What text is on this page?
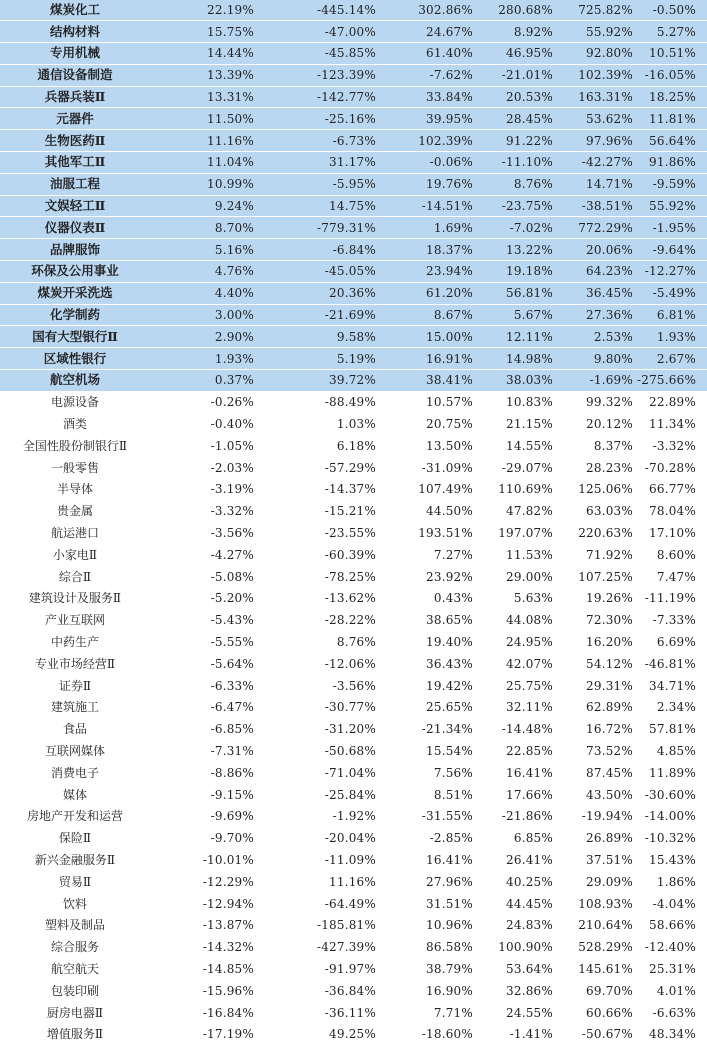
煤炭化工	22.19%	-445.14%	302.86%	280.68%	725.82%	-0.50%
结构材料	15.75%	-47.00%	24.67%	8.92%	55.92%	5.27%
专用机械	14.44%	-45.85%	61.40%	46.95%	92.80%	10.51%
通信设备制造	13.39%	-123.39%	-7.62%	-21.01%	102.39%	-16.05%
兵器兵装Ⅱ	13.31%	-142.77%	33.84%	20.53%	163.31%	18.25%
元器件	11.50%	-25.16%	39.95%	28.45%	53.62%	11.81%
生物医药Ⅱ	11.16%	-6.73%	102.39%	91.22%	97.96%	56.64%
其他军工Ⅱ	11.04%	31.17%	-0.06%	-11.10%	-42.27%	91.86%
油服工程	10.99%	-5.95%	19.76%	8.76%	14.71%	-9.59%
文娱轻工Ⅱ	9.24%	14.75%	-14.51%	-23.75%	-38.51%	55.92%
仪器仪表Ⅱ	8.70%	-779.31%	1.69%	-7.02%	772.29%	-1.95%
品牌服饰	5.16%	-6.84%	18.37%	13.22%	20.06%	-9.64%
环保及公用事业	4.76%	-45.05%	23.94%	19.18%	64.23%	-12.27%
煤炭开采洗选	4.40%	20.36%	61.20%	56.81%	36.45%	-5.49%
化学制药	3.00%	-21.69%	8.67%	5.67%	27.36%	6.81%
国有大型银行Ⅱ	2.90%	9.58%	15.00%	12.11%	2.53%	1.93%
区域性银行	1.93%	5.19%	16.91%	14.98%	9.80%	2.67%
航空机场	0.37%	39.72%	38.41%	38.03%	-1.69%	-275.66%
电源设备	-0.26%	-88.49%	10.57%	10.83%	99.32%	22.89%
酒类	-0.40%	1.03%	20.75%	21.15%	20.12%	11.34%
全国性股份制银行Ⅱ	-1.05%	6.18%	13.50%	14.55%	8.37%	-3.32%
一般零售	-2.03%	-57.29%	-31.09%	-29.07%	28.23%	-70.28%
半导体	-3.19%	-14.37%	107.49%	110.69%	125.06%	66.77%
贵金属	-3.32%	-15.21%	44.50%	47.82%	63.03%	78.04%
航运港口	-3.56%	-23.55%	193.51%	197.07%	220.63%	17.10%
小家电Ⅱ	-4.27%	-60.39%	7.27%	11.53%	71.92%	8.60%
综合Ⅱ	-5.08%	-78.25%	23.92%	29.00%	107.25%	7.47%
建筑设计及服务Ⅱ	-5.20%	-13.62%	0.43%	5.63%	19.26%	-11.19%
产业互联网	-5.43%	-28.22%	38.65%	44.08%	72.30%	-7.33%
中药生产	-5.55%	8.76%	19.40%	24.95%	16.20%	6.69%
专业市场经营Ⅱ	-5.64%	-12.06%	36.43%	42.07%	54.12%	-46.81%
证券Ⅱ	-6.33%	-3.56%	19.42%	25.75%	29.31%	34.71%
建筑施工	-6.47%	-30.77%	25.65%	32.11%	62.89%	2.34%
食品	-6.85%	-31.20%	-21.34%	-14.48%	16.72%	57.81%
互联网媒体	-7.31%	-50.68%	15.54%	22.85%	73.52%	4.85%
消费电子	-8.86%	-71.04%	7.56%	16.41%	87.45%	11.89%
媒体	-9.15%	-25.84%	8.51%	17.66%	43.50%	-30.60%
房地产开发和运营	-9.69%	-1.92%	-31.55%	-21.86%	-19.94%	-14.00%
保险Ⅱ	-9.70%	-20.04%	-2.85%	6.85%	26.89%	-10.32%
新兴金融服务Ⅱ	-10.01%	-11.09%	16.41%	26.41%	37.51%	15.43%
贸易Ⅱ	-12.29%	11.16%	27.96%	40.25%	29.09%	1.86%
饮料	-12.94%	-64.49%	31.51%	44.45%	108.93%	-4.04%
塑料及制品	-13.87%	-185.81%	10.96%	24.83%	210.64%	58.66%
综合服务	-14.32%	-427.39%	86.58%	100.90%	528.29%	-12.40%
航空航天	-14.85%	-91.97%	38.79%	53.64%	145.61%	25.31%
包装印刷	-15.96%	-36.84%	16.90%	32.86%	69.70%	4.01%
厨房电器Ⅱ	-16.84%	-36.11%	7.71%	24.55%	60.66%	-6.63%
增值服务Ⅱ	-17.19%	49.25%	-18.60%	-1.41%	-50.67%	48.34%
